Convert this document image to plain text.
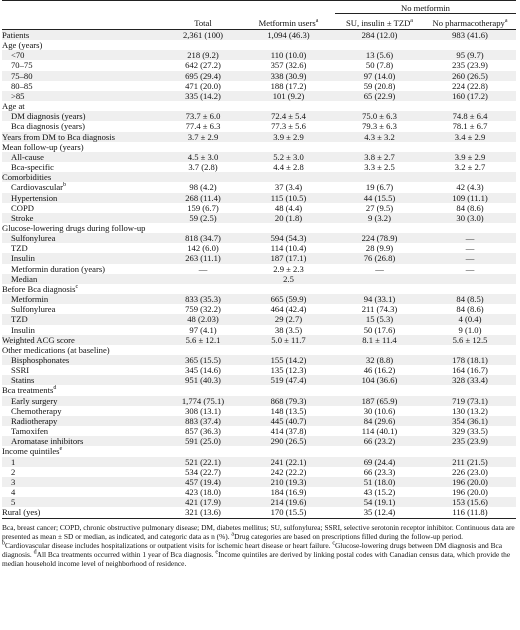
			No metformin	
	Total	Metformin users$^a$	SU, insulin ± $TZD^a$	No pharmacotherapy$^a$
Patients	2,361 (100)	1,094 (46.3)	284 (12.0)	983 (41.6)
Age (years)				
<70	218 (9.2)	110 (10.0)	13 (5.6)	95 (9.7)
70–75	642 (27.2)	357 (32.6)	50 (7.8)	235 (23.9)
75–80	695 (29.4)	338 (30.9)	97 (14.0)	260 (26.5)
80–85	471 (20.0)	188 (17.2)	59 (20.8)	224 (22.8)
>85	335 (14.2)	101 (9.2)	65 (22.9)	160 (17.2)
Age at				
DM diagnosis (years)	73.7 ± 6.0	72.4 ± 5.4	75.0 ± 6.3	74.8 ± 6.4
Bca diagnosis (years)	77.4 ± 6.3	77.3 ± 5.6	79.3 ± 6.3	78.1 ± 6.7
Years from DM to Bca diagnosis	3.7 ± 2.9	3.9 ± 2.9	4.3 ± 3.2	3.4 ± 2.9
Mean follow-up (years)				
All-cause	4.5 ± 3.0	5.2 ± 3.0	3.8 ± 2.7	3.9 ± 2.9
Bca-specific	3.7 (2.8)	4.4 ± 2.8	3.3 ± 2.5	3.2 ± 2.7
Comorbidities				
Cardiovascular$^b$	98 (4.2)	37 (3.4)	19 (6.7)	42 (4.3)
Hypertension	268 (11.4)	115 (10.5)	44 (15.5)	109 (11.1)
COPD	159 (6.7)	48 (4.4)	27 (9.5)	84 (8.6)
Stroke	59 (2.5)	20 (1.8)	9 (3.2)	30 (3.0)
Glucose-lowering drugs during follow-up				
Sulfonylurea	818 (34.7)	594 (54.3)	224 (78.9)	—
TZD	142 (6.0)	114 (10.4)	28 (9.9)	—
Insulin	263 (11.1)	187 (17.1)	76 (26.8)	—
Metformin duration (years)	—	2.9 ± 2.3	—	—
Median		2.5		
Before Bca diagnosis$^c$				
Metformin	833 (35.3)	665 (59.9)	94 (33.1)	84 (8.5)
Sulfonylurea	759 (32.2)	464 (42.4)	211 (74.3)	84 (8.6)
TZD	48 (2.03)	29 (2.7)	15 (5.3)	4 (0.4)
Insulin	97 (4.1)	38 (3.5)	50 (17.6)	9 (1.0)
Weighted ACG score	5.6 ± 12.1	5.0 ± 11.7	8.1 ± 11.4	5.6 ± 12.5
Other medications (at baseline)				
Bisphosphonates	365 (15.5)	155 (14.2)	32 (8.8)	178 (18.1)
SSRI	345 (14.6)	135 (12.3)	46 (16.2)	164 (16.7)
Statins	951 (40.3)	519 (47.4)	104 (36.6)	328 (33.4)
Bca treatments$^d$				
Early surgery	1,774 (75.1)	868 (79.3)	187 (65.9)	719 (73.1)
Chemotherapy	308 (13.1)	148 (13.5)	30 (10.6)	130 (13.2)
Radiotherapy	883 (37.4)	445 (40.7)	84 (29.6)	354 (36.1)
Tamoxifen	857 (36.3)	414 (37.8)	114 (40.1)	329 (33.5)
Aromatase inhibitors	591 (25.0)	290 (26.5)	66 (23.2)	235 (23.9)
Income quintiles$^e$				
1	521 (22.1)	241 (22.1)	69 (24.4)	211 (21.5)
2	534 (22.7)	242 (22.2)	66 (23.3)	226 (23.0)
3	457 (19.4)	210 (19.3)	51 (18.0)	196 (20.0)
4	423 (18.0)	184 (16.9)	43 (15.2)	196 (20.0)
5	421 (17.9)	214 (19.6)	54 (19.1)	153 (15.6)
Rural (yes)	321 (13.6)	170 (15.5)	35 (12.4)	116 (11.8)
Bca, breast cancer; COPD, chronic obstructive pulmonary disease; DM, diabetes mellitus; SU, sulfonylurea; SSRI, selective serotonin receptor inhibitor. Continuous data are presented as mean ± SD or median, as indicated, and categoric data as n (%). $^a$Drug categories are based on prescriptions filled during the follow-up period.
$^b$Cardiovascular disease includes hospitalizations or outpatient visits for ischemic heart disease or heart failure. $^c$Glucose-lowering drugs between DM diagnosis and Bca diagnosis. $^d$All Bca treatments occurred within 1 year of Bca diagnosis. $^e$Income quintiles are derived by linking postal codes with Canadian census data, which provide the median household income level of neighborhood of residence.
